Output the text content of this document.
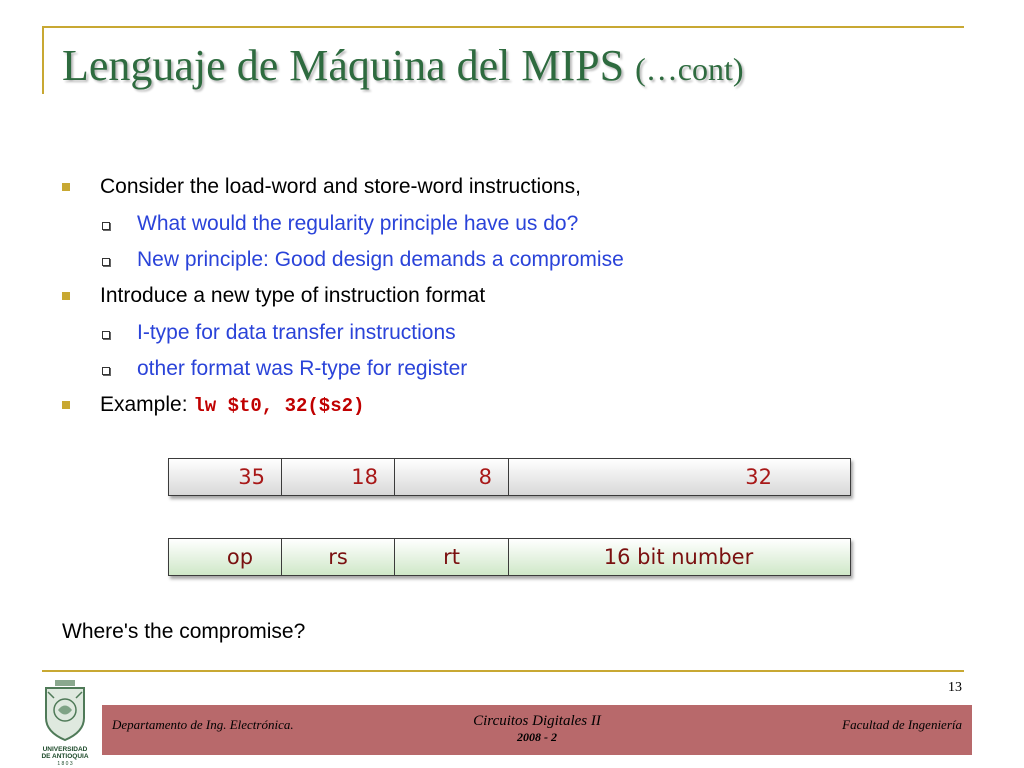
Lenguaje de Máquina del MIPS (…cont)
Consider the load-word and store-word instructions,
What would the regularity principle have us do?
New principle: Good design demands a compromise
Introduce a new type of instruction format
I-type for data transfer instructions
other format was R-type for register
Example: lw $t0, 32($s2)
35	18	8	32
op	rs	rt	16 bit number
Where's the compromise?
13
UNIVERSIDAD
DE ANTIOQUIA
1 8 0 3
Departamento de Ing. Electrónica.	Circuitos Digitales II
2008 - 2
Facultad de Ingeniería
